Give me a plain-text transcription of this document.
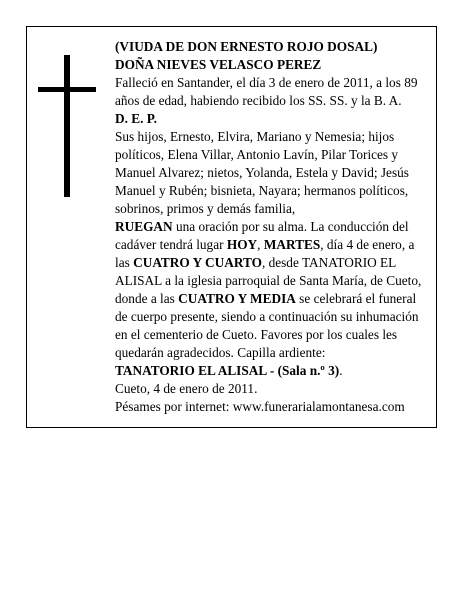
(VIUDA DE DON ERNESTO ROJO DOSAL)

DOÑA NIEVES VELASCO PEREZ

Falleció en Santander, el día 3 de enero de 2011, a los 89 años de edad, habiendo recibido los SS. SS. y la B. A.

D. E. P.

Sus hijos, Ernesto, Elvira, Mariano y Nemesia; hijos políticos, Elena Villar, Antonio Lavín, Pilar Torices y Manuel Alvarez; nietos, Yolanda, Estela y David; Jesús Manuel y Rubén; bisnieta, Nayara; hermanos políticos, sobrinos, primos y demás familia,

RUEGAN una oración por su alma. La conducción del cadáver tendrá lugar HOY, MARTES, día 4 de enero, a las CUATRO Y CUARTO, desde TANATORIO EL ALISAL a la iglesia parroquial de Santa María, de Cueto, donde a las CUATRO Y MEDIA se celebrará el funeral de cuerpo presente, siendo a continuación su inhumación en el cementerio de Cueto. Favores por los cuales les quedarán agradecidos. Capilla ardiente:

TANATORIO EL ALISAL - (Sala n.º 3).

Cueto, 4 de enero de 2011.

Pésames por internet: www.funerarialamontanesa.com
